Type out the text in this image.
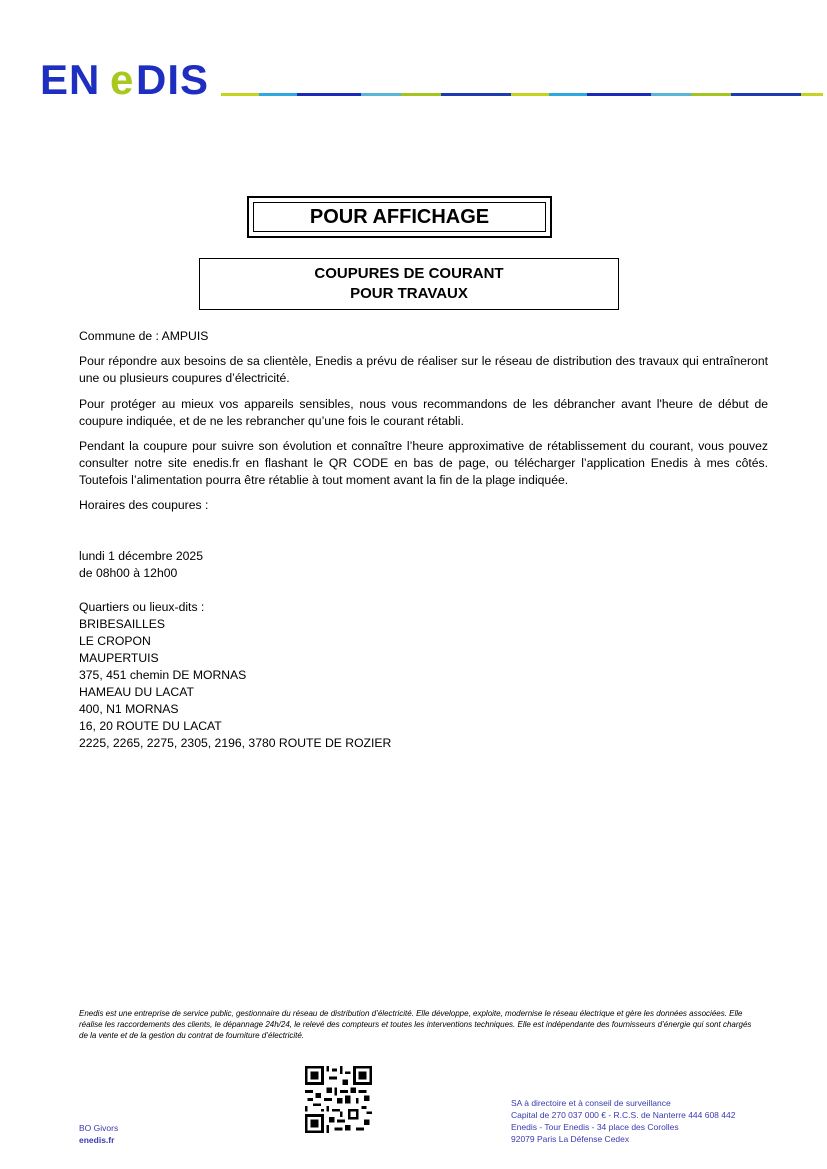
EN e DIS
POUR AFFICHAGE
COUPURES DE COURANT
POUR TRAVAUX
Commune de : AMPUIS
Pour répondre aux besoins de sa clientèle, Enedis a prévu de réaliser sur le réseau de distribution des travaux qui entraîneront une ou plusieurs coupures d’électricité.
Pour protéger au mieux vos appareils sensibles, nous vous recommandons de les débrancher avant l'heure de début de coupure indiquée, et de ne les rebrancher qu’une fois le courant rétabli.
Pendant la coupure pour suivre son évolution et connaître l’heure approximative de rétablissement du courant, vous pouvez consulter notre site enedis.fr en flashant le QR CODE en bas de page, ou télécharger l’application Enedis à mes côtés. Toutefois l’alimentation pourra être rétablie à tout moment avant la fin de la plage indiquée.
Horaires des coupures :
lundi 1 décembre 2025
de 08h00 à 12h00
Quartiers ou lieux-dits :
BRIBESAILLES
LE CROPON
MAUPERTUIS
375, 451 chemin DE MORNAS
HAMEAU DU LACAT
400, N1 MORNAS
16, 20 ROUTE DU LACAT
2225, 2265, 2275, 2305, 2196, 3780 ROUTE DE ROZIER
Enedis est une entreprise de service public, gestionnaire du réseau de distribution d’électricité. Elle développe, exploite, modernise le réseau électrique et gère les données associées. Elle réalise les raccordements des clients, le dépannage 24h/24, le relevé des compteurs et toutes les interventions techniques. Elle est indépendante des fournisseurs d’énergie qui sont chargés de la vente et de la gestion du contrat de fourniture d’électricité.
SA à directoire et à conseil de surveillance
Capital de 270 037 000 € - R.C.S. de Nanterre 444 608 442
Enedis - Tour Enedis - 34 place des Corolles
92079 Paris La Défense Cedex
BO Givors
enedis.fr
